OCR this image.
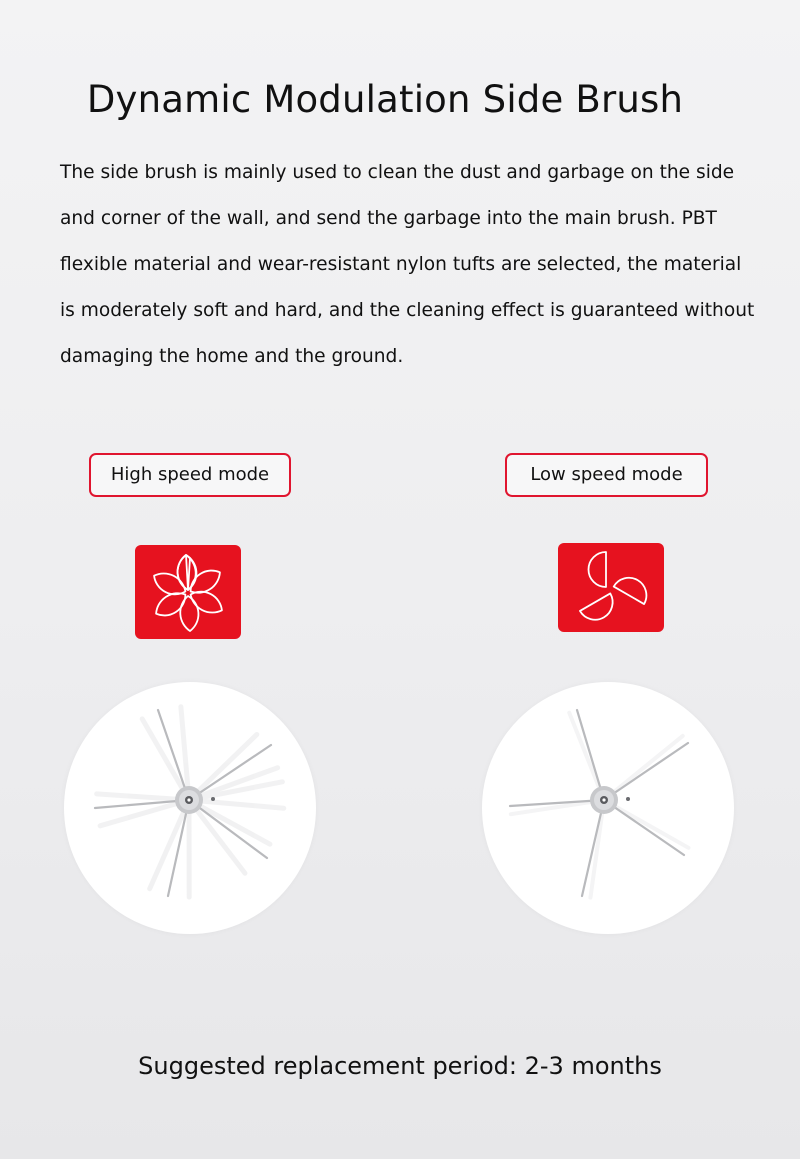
Dynamic Modulation Side Brush

The side brush is mainly used to clean the dust and garbage on the side and corner of the wall, and send the garbage into the main brush. PBT flexible material and wear-resistant nylon tufts are selected, the material is moderately soft and hard, and the cleaning effect is guaranteed without damaging the home and the ground.

High speed mode	Low speed mode

Suggested replacement period: 2-3 months
